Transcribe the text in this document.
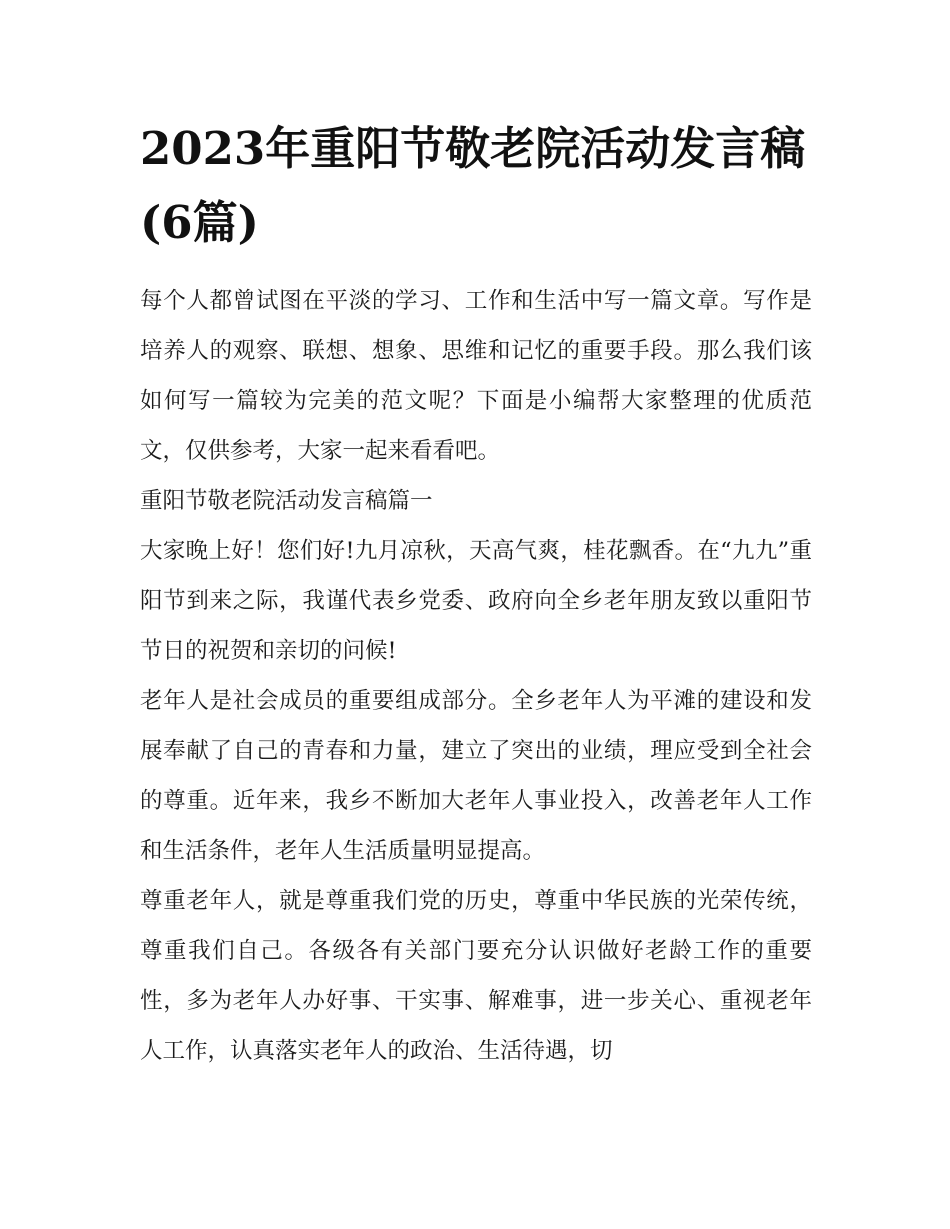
2023年重阳节敬老院活动发言稿(6篇)

每个人都曾试图在平淡的学习、工作和生活中写一篇文章。写作是培养人的观察、联想、想象、思维和记忆的重要手段。那么我们该如何写一篇较为完美的范文呢？下面是小编帮大家整理的优质范文，仅供参考，大家一起来看看吧。

重阳节敬老院活动发言稿篇一

大家晚上好！您们好!九月凉秋，天高气爽，桂花飘香。在“九九”重阳节到来之际，我谨代表乡党委、政府向全乡老年朋友致以重阳节节日的祝贺和亲切的问候!

老年人是社会成员的重要组成部分。全乡老年人为平滩的建设和发展奉献了自己的青春和力量，建立了突出的业绩，理应受到全社会的尊重。近年来，我乡不断加大老年人事业投入，改善老年人工作和生活条件，老年人生活质量明显提高。

尊重老年人，就是尊重我们党的历史，尊重中华民族的光荣传统，尊重我们自己。各级各有关部门要充分认识做好老龄工作的重要性，多为老年人办好事、干实事、解难事，进一步关心、重视老年人工作，认真落实老年人的政治、生活待遇，切
